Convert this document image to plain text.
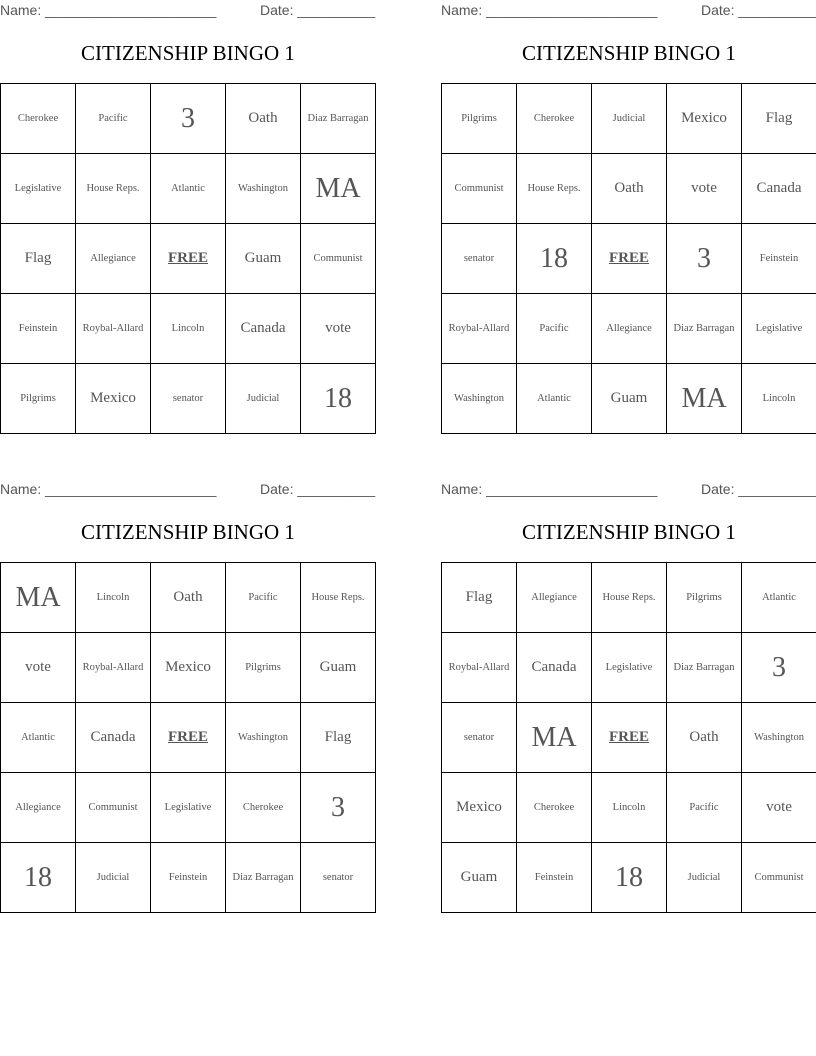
Name: ______________________	Date: __________
CITIZENSHIP BINGO 1
Cherokee	Pacific	3	Oath	Diaz Barragan
Legislative	House Reps.	Atlantic	Washington	MA
Flag	Allegiance	FREE	Guam	Communist
Feinstein	Roybal-Allard	Lincoln	Canada	vote
Pilgrims	Mexico	senator	Judicial	18
Name: ______________________	Date: __________
CITIZENSHIP BINGO 1
Pilgrims	Cherokee	Judicial	Mexico	Flag
Communist	House Reps.	Oath	vote	Canada
senator	18	FREE	3	Feinstein
Roybal-Allard	Pacific	Allegiance	Diaz Barragan	Legislative
Washington	Atlantic	Guam	MA	Lincoln
Name: ______________________	Date: __________
CITIZENSHIP BINGO 1
MA	Lincoln	Oath	Pacific	House Reps.
vote	Roybal-Allard	Mexico	Pilgrims	Guam
Atlantic	Canada	FREE	Washington	Flag
Allegiance	Communist	Legislative	Cherokee	3
18	Judicial	Feinstein	Diaz Barragan	senator
Name: ______________________	Date: __________
CITIZENSHIP BINGO 1
Flag	Allegiance	House Reps.	Pilgrims	Atlantic
Roybal-Allard	Canada	Legislative	Diaz Barragan	3
senator	MA	FREE	Oath	Washington
Mexico	Cherokee	Lincoln	Pacific	vote
Guam	Feinstein	18	Judicial	Communist
